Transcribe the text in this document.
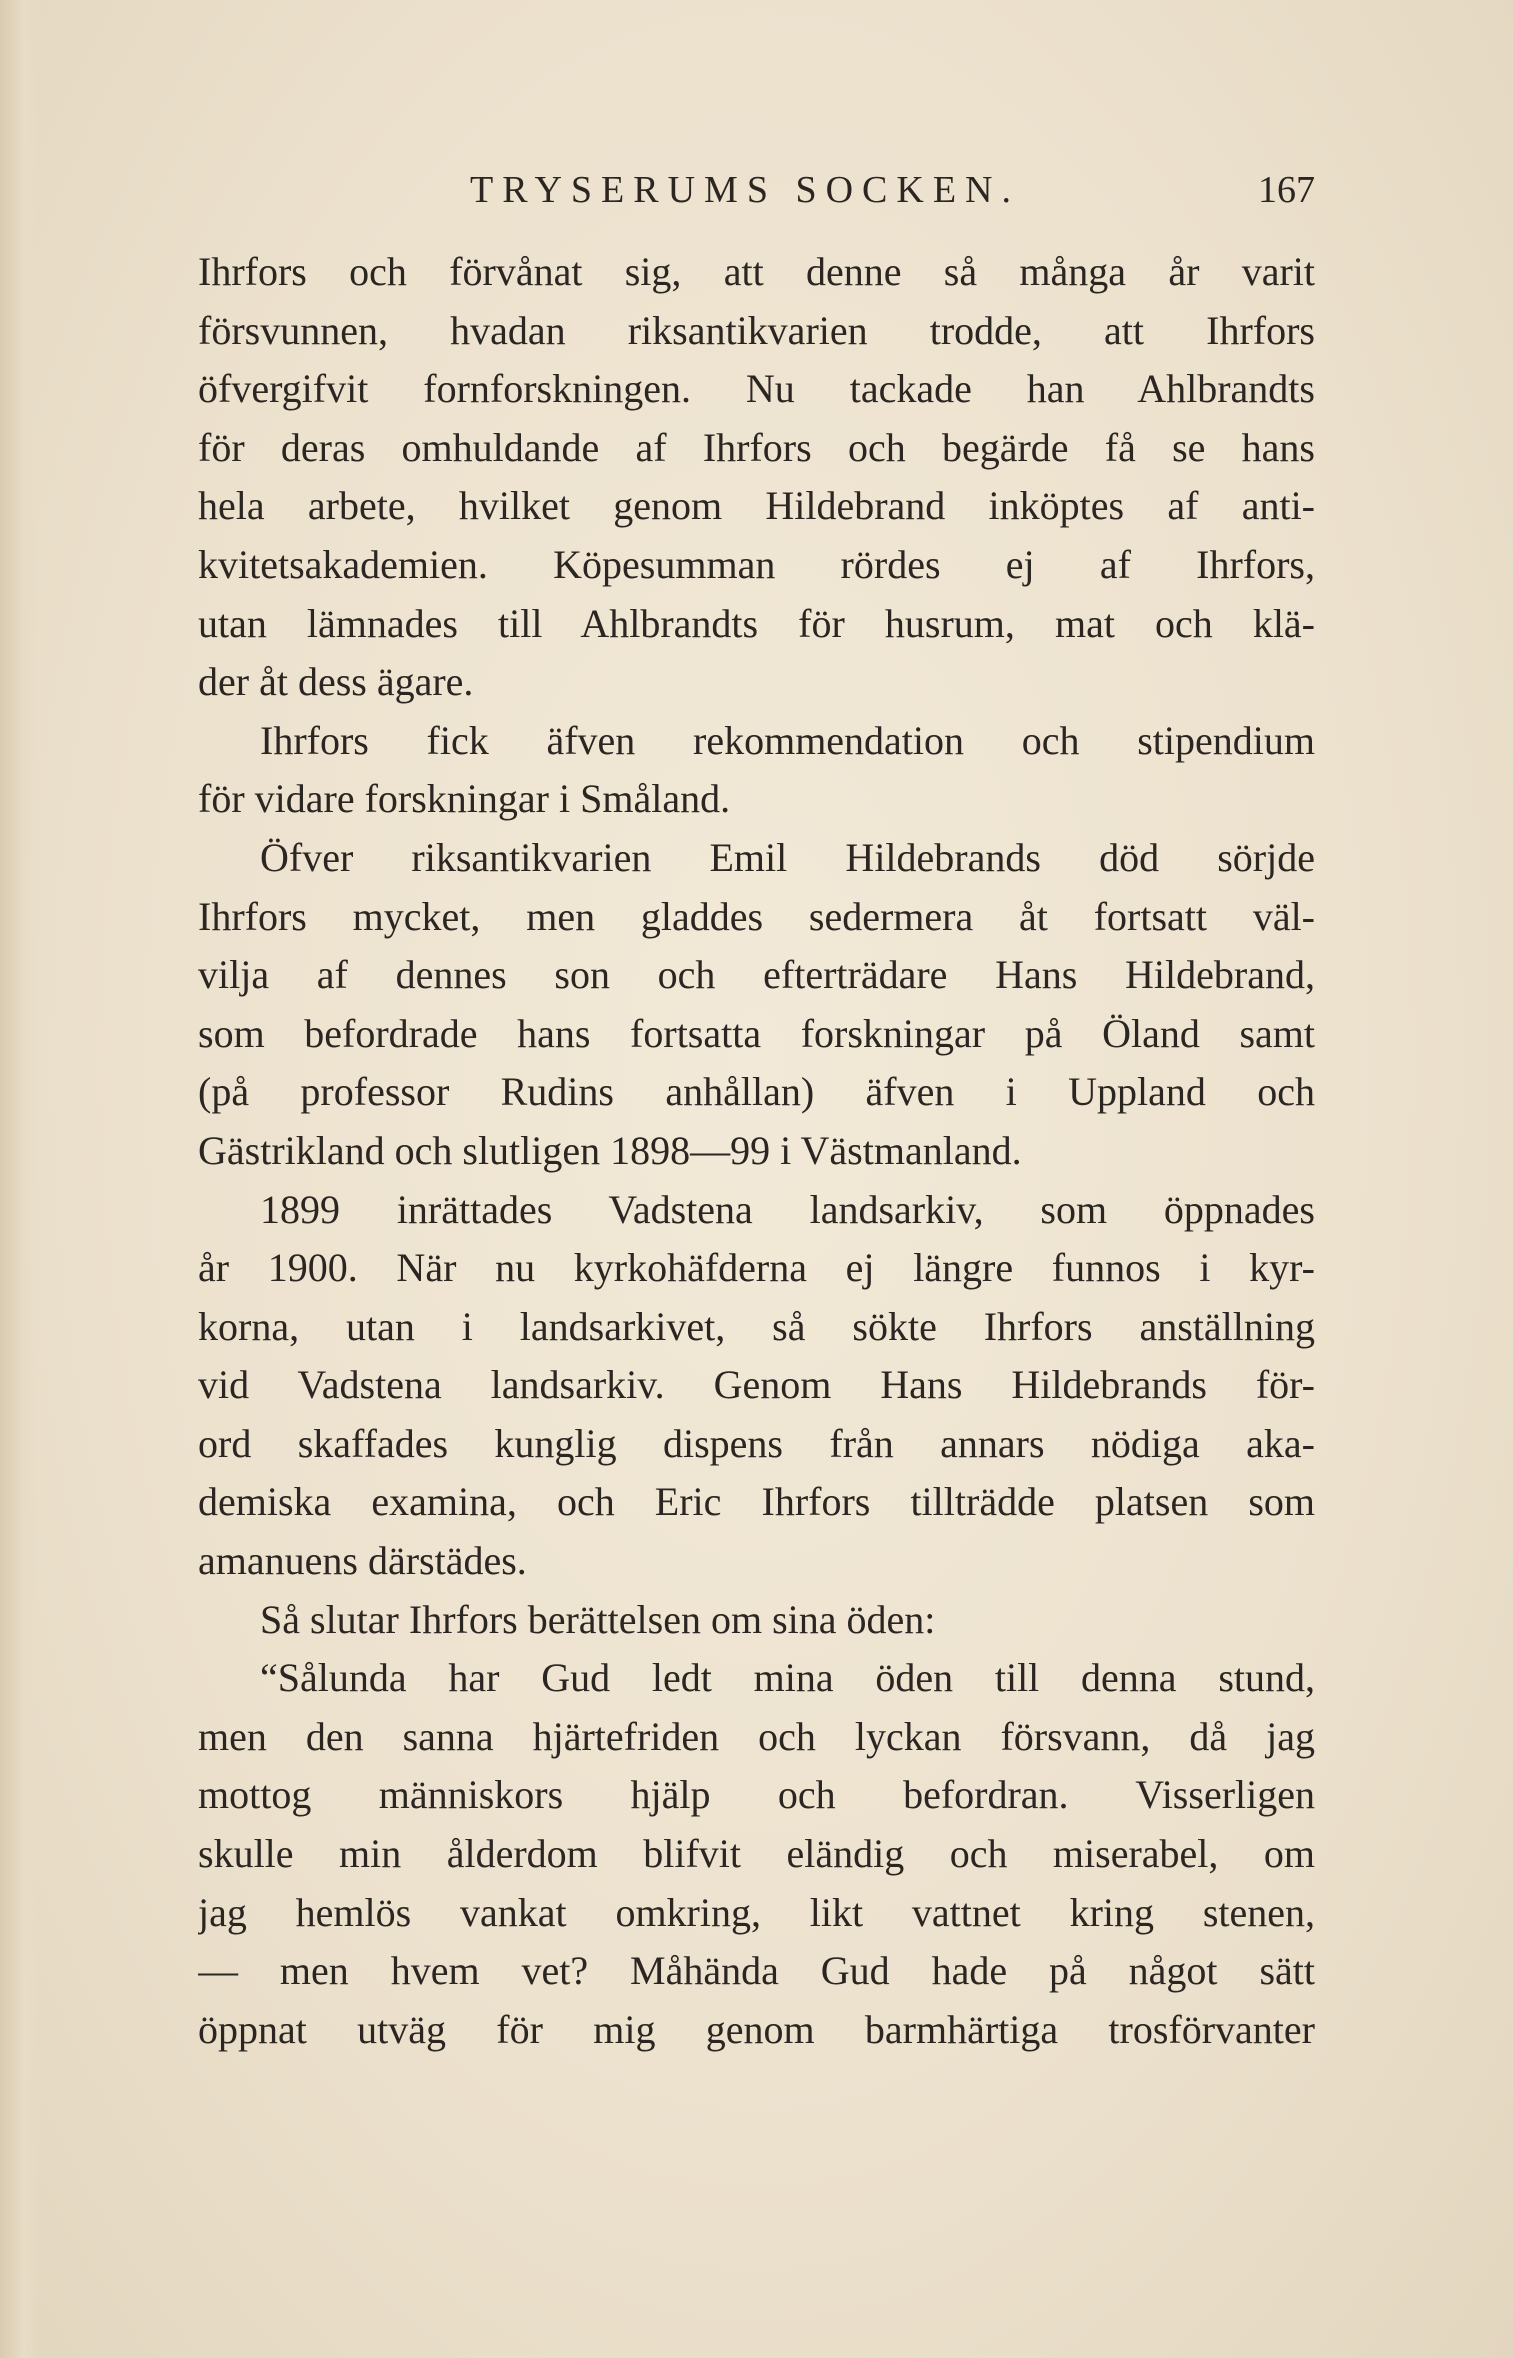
TRYSERUMS SOCKEN.	167
Ihrfors och förvånat sig, att denne så många år varit
försvunnen, hvadan riksantikvarien trodde, att Ihrfors
öfvergifvit fornforskningen. Nu tackade han Ahlbrandts
för deras omhuldande af Ihrfors och begärde få se hans
hela arbete, hvilket genom Hildebrand inköptes af anti-
kvitetsakademien. Köpesumman rördes ej af Ihrfors,
utan lämnades till Ahlbrandts för husrum, mat och klä-
der åt dess ägare.
Ihrfors fick äfven rekommendation och stipendium
för vidare forskningar i Småland.
Öfver riksantikvarien Emil Hildebrands död sörjde
Ihrfors mycket, men gladdes sedermera åt fortsatt väl-
vilja af dennes son och efterträdare Hans Hildebrand,
som befordrade hans fortsatta forskningar på Öland samt
(på professor Rudins anhållan) äfven i Uppland och
Gästrikland och slutligen 1898—99 i Västmanland.
1899 inrättades Vadstena landsarkiv, som öppnades
år 1900. När nu kyrkohäfderna ej längre funnos i kyr-
korna, utan i landsarkivet, så sökte Ihrfors anställning
vid Vadstena landsarkiv. Genom Hans Hildebrands för-
ord skaffades kunglig dispens från annars nödiga aka-
demiska examina, och Eric Ihrfors tillträdde platsen som
amanuens därstädes.
Så slutar Ihrfors berättelsen om sina öden:
“Sålunda har Gud ledt mina öden till denna stund,
men den sanna hjärtefriden och lyckan försvann, då jag
mottog människors hjälp och befordran. Visserligen
skulle min ålderdom blifvit eländig och miserabel, om
jag hemlös vankat omkring, likt vattnet kring stenen,
— men hvem vet? Måhända Gud hade på något sätt
öppnat utväg för mig genom barmhärtiga trosförvanter
